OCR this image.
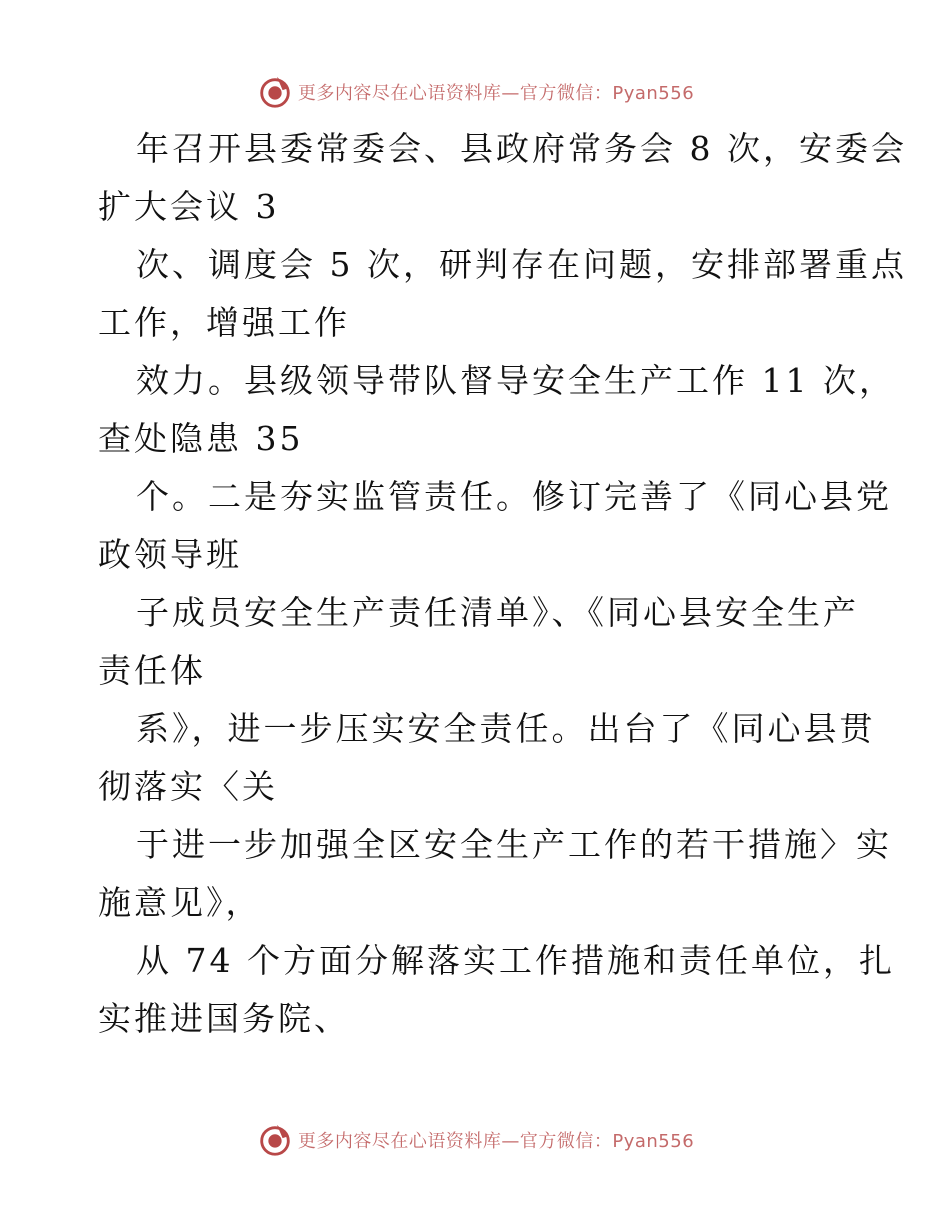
更多内容尽在心语资料库—官方微信：Pyan556

年召开县委常委会、县政府常务会 8 次，安委会

扩大会议 3

次、调度会 5 次，研判存在问题，安排部署重点

工作，增强工作

效力。县级领导带队督导安全生产工作 11 次，

查处隐患 35

个。二是夯实监管责任。修订完善了《同心县党

政领导班

子成员安全生产责任清单》、《同心县安全生产

责任体

系》，进一步压实安全责任。出台了《同心县贯

彻落实〈关

于进一步加强全区安全生产工作的若干措施〉实

施意见》，

从 74 个方面分解落实工作措施和责任单位，扎

实推进国务院、

更多内容尽在心语资料库—官方微信：Pyan556
